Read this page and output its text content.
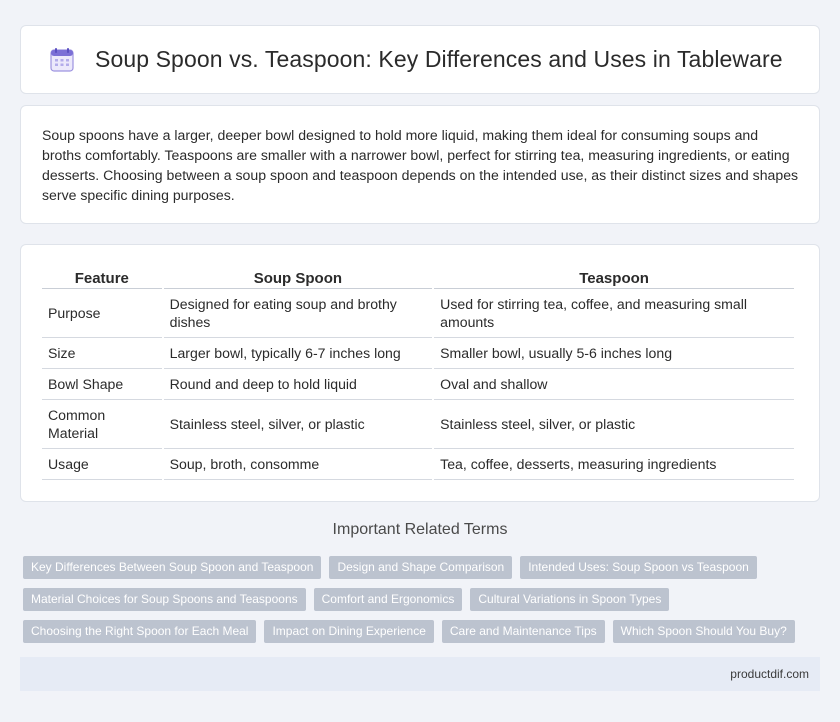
Soup Spoon vs. Teaspoon: Key Differences and Uses in Tableware

Soup spoons have a larger, deeper bowl designed to hold more liquid, making them ideal for consuming soups and broths comfortably. Teaspoons are smaller with a narrower bowl, perfect for stirring tea, measuring ingredients, or eating desserts. Choosing between a soup spoon and teaspoon depends on the intended use, as their distinct sizes and shapes serve specific dining purposes.

Feature	Soup Spoon	Teaspoon
Purpose	Designed for eating soup and brothy dishes	Used for stirring tea, coffee, and measuring small amounts
Size	Larger bowl, typically 6-7 inches long	Smaller bowl, usually 5-6 inches long
Bowl Shape	Round and deep to hold liquid	Oval and shallow
Common Material	Stainless steel, silver, or plastic	Stainless steel, silver, or plastic
Usage	Soup, broth, consomme	Tea, coffee, desserts, measuring ingredients
Important Related Terms
Key Differences Between Soup Spoon and Teaspoon	Design and Shape Comparison	Intended Uses: Soup Spoon vs Teaspoon
Material Choices for Soup Spoons and Teaspoons	Comfort and Ergonomics	Cultural Variations in Spoon Types
Choosing the Right Spoon for Each Meal	Impact on Dining Experience	Care and Maintenance Tips	Which Spoon Should You Buy?
productdif.com
